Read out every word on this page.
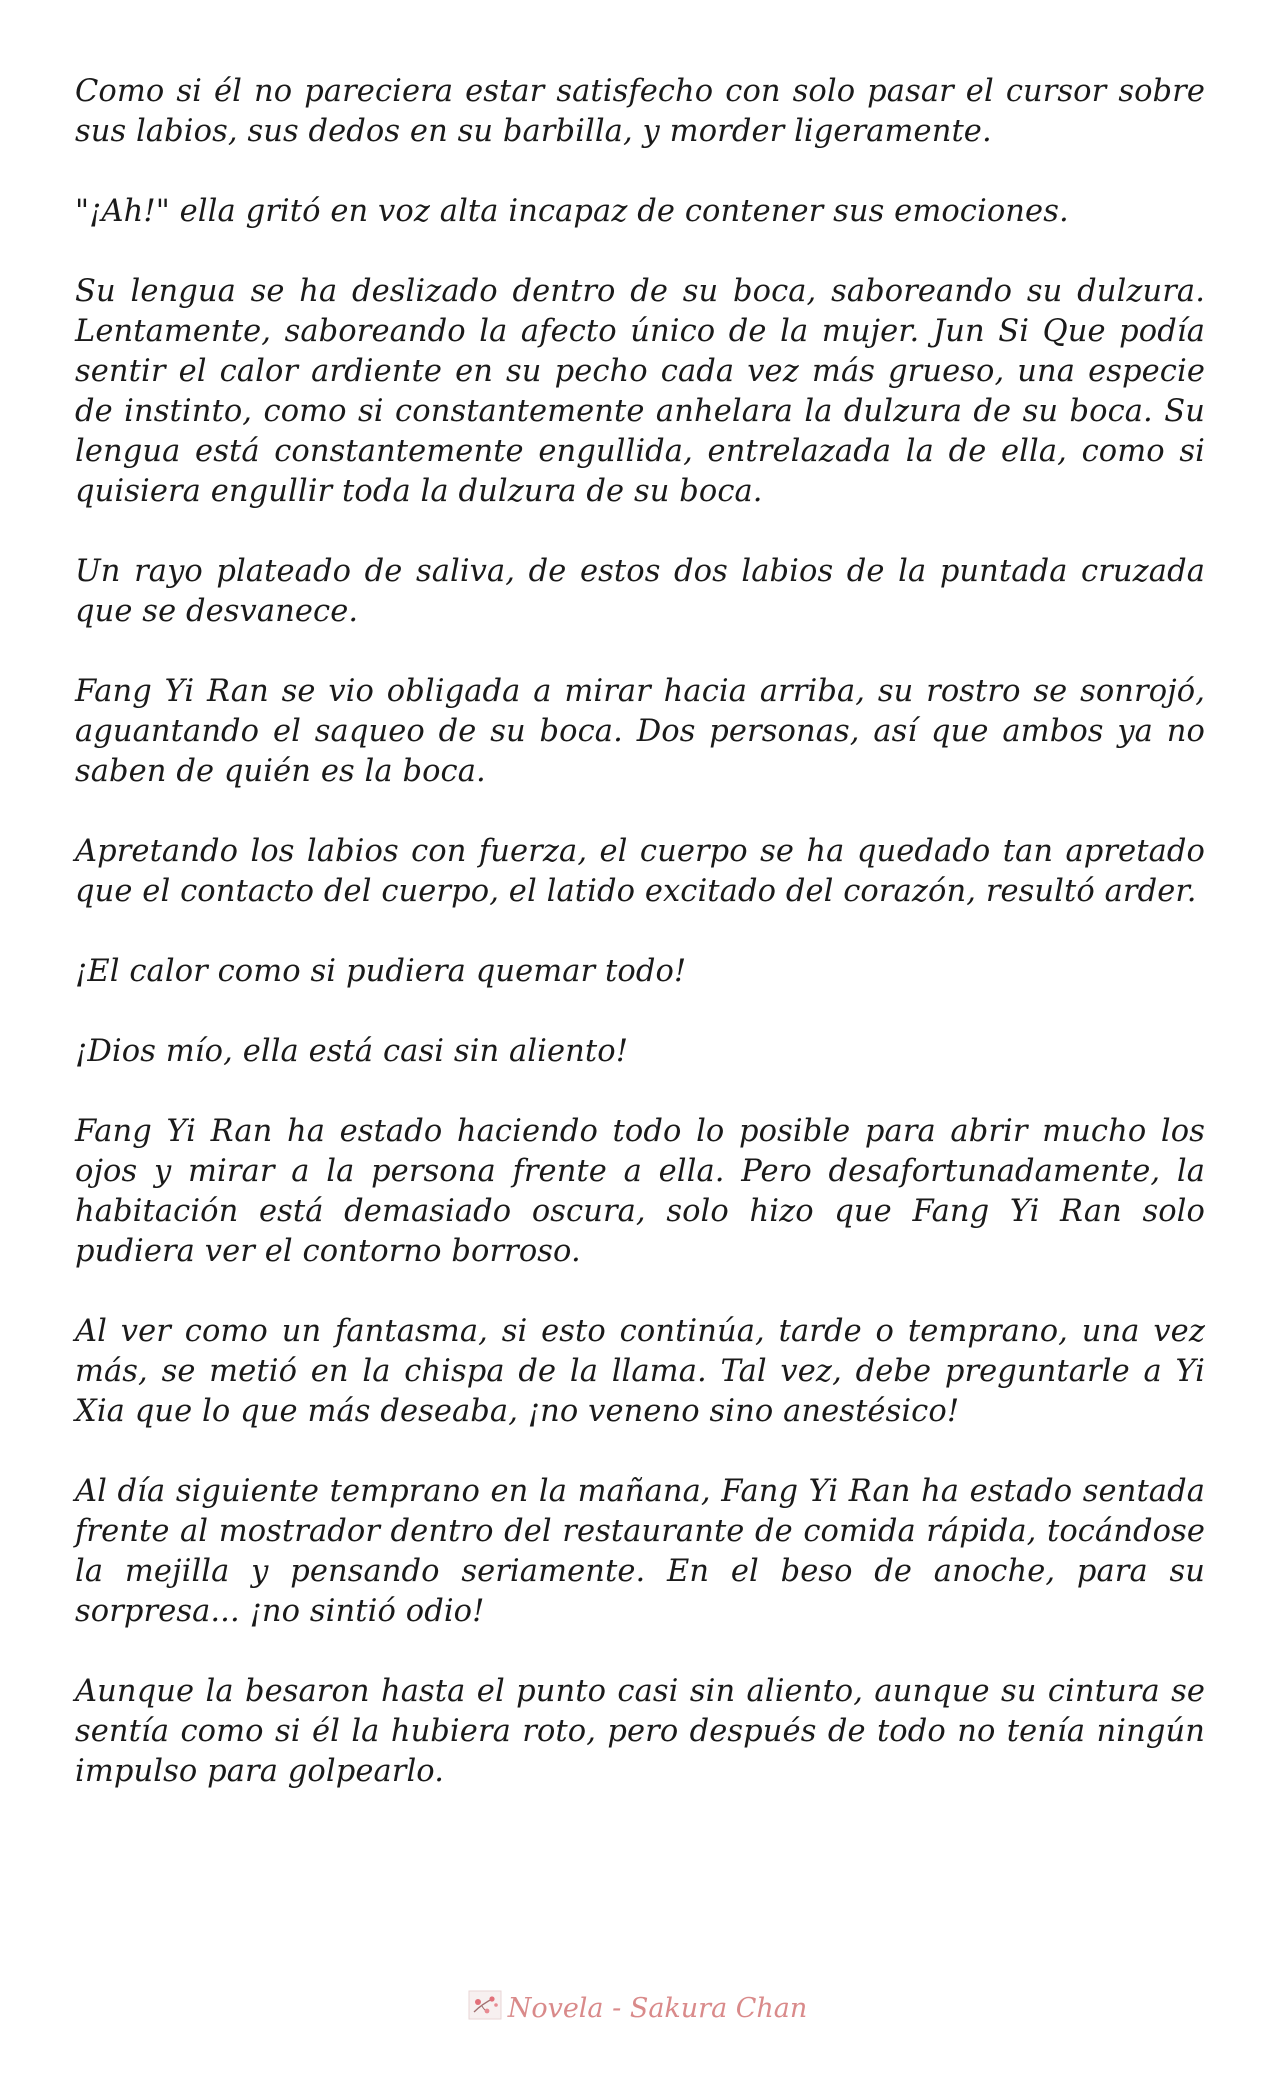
Como si él no pareciera estar satisfecho con solo pasar el cursor sobre sus labios, sus dedos en su barbilla, y morder ligeramente.

"¡Ah!" ella gritó en voz alta incapaz de contener sus emociones.

Su lengua se ha deslizado dentro de su boca, saboreando su dulzura. Lentamente, saboreando la afecto único de la mujer. Jun Si Que podía sentir el calor ardiente en su pecho cada vez más grueso, una especie de instinto, como si constantemente anhelara la dulzura de su boca. Su lengua está constantemente engullida, entrelazada la de ella, como si quisiera engullir toda la dulzura de su boca.

Un rayo plateado de saliva, de estos dos labios de la puntada cruzada que se desvanece.

Fang Yi Ran se vio obligada a mirar hacia arriba, su rostro se sonrojó, aguantando el saqueo de su boca. Dos personas, así que ambos ya no saben de quién es la boca.

Apretando los labios con fuerza, el cuerpo se ha quedado tan apretado que el contacto del cuerpo, el latido excitado del corazón, resultó arder.

¡El calor como si pudiera quemar todo!

¡Dios mío, ella está casi sin aliento!

Fang Yi Ran ha estado haciendo todo lo posible para abrir mucho los ojos y mirar a la persona frente a ella. Pero desafortunadamente, la habitación está demasiado oscura, solo hizo que Fang Yi Ran solo pudiera ver el contorno borroso.

Al ver como un fantasma, si esto continúa, tarde o temprano, una vez más, se metió en la chispa de la llama. Tal vez, debe preguntarle a Yi Xia que lo que más deseaba, ¡no veneno sino anestésico!

Al día siguiente temprano en la mañana, Fang Yi Ran ha estado sentada frente al mostrador dentro del restaurante de comida rápida, tocándose la mejilla y pensando seriamente. En el beso de anoche, para su sorpresa... ¡no sintió odio!

Aunque la besaron hasta el punto casi sin aliento, aunque su cintura se sentía como si él la hubiera roto, pero después de todo no tenía ningún impulso para golpearlo.

Novela - Sakura Chan
